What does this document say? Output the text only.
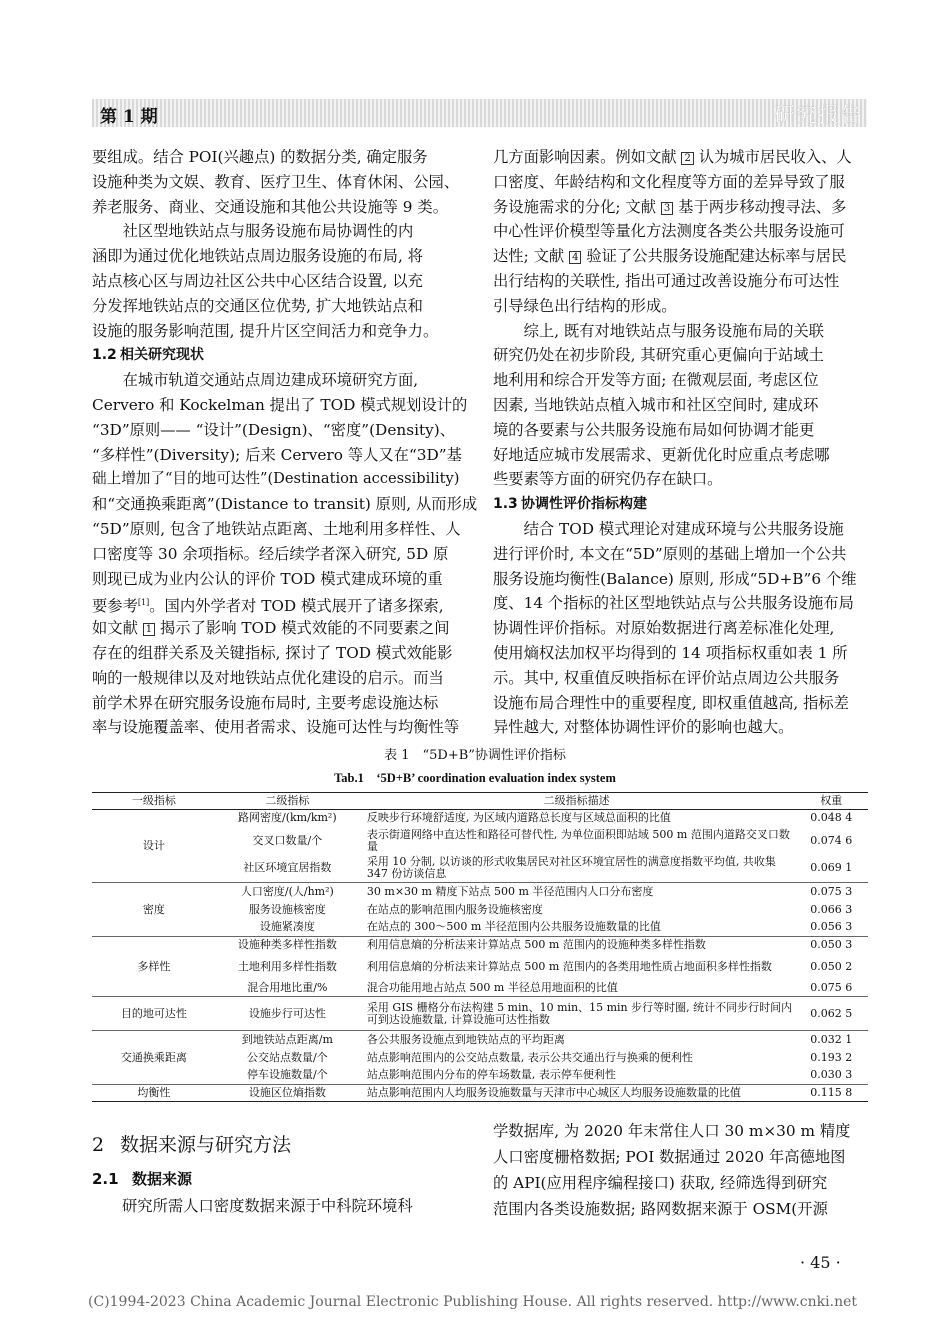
第 1 期	研究报告
要组成。结合 POI(兴趣点) 的数据分类, 确定服务
设施种类为文娱、教育、医疗卫生、体育休闲、公园、
养老服务、商业、交通设施和其他公共设施等 9 类。
　　社区型地铁站点与服务设施布局协调性的内
涵即为通过优化地铁站点周边服务设施的布局, 将
站点核心区与周边社区公共中心区结合设置, 以充
分发挥地铁站点的交通区位优势, 扩大地铁站点和
设施的服务影响范围, 提升片区空间活力和竞争力。
1.2 相关研究现状
　　在城市轨道交通站点周边建成环境研究方面,
Cervero 和 Kockelman 提出了 TOD 模式规划设计的
“3D”原则—— “设计”(Design)、“密度”(Density)、
“多样性”(Diversity); 后来 Cervero 等人又在“3D”基
础上增加了“目的地可达性”(Destination accessibility)
和“交通换乘距离”(Distance to transit) 原则, 从而形成
“5D”原则, 包含了地铁站点距离、土地利用多样性、人
口密度等 30 余项指标。经后续学者深入研究, 5D 原
则现已成为业内公认的评价 TOD 模式建成环境的重
要参考[1]。国内外学者对 TOD 模式展开了诸多探索,
如文献 1 揭示了影响 TOD 模式效能的不同要素之间
存在的组群关系及关键指标, 探讨了 TOD 模式效能影
响的一般规律以及对地铁站点优化建设的启示。而当
前学术界在研究服务设施布局时, 主要考虑设施达标
率与设施覆盖率、使用者需求、设施可达性与均衡性等
几方面影响因素。例如文献 2 认为城市居民收入、人
口密度、年龄结构和文化程度等方面的差异导致了服
务设施需求的分化; 文献 3 基于两步移动搜寻法、多
中心性评价模型等量化方法测度各类公共服务设施可
达性; 文献 4 验证了公共服务设施配建达标率与居民
出行结构的关联性, 指出可通过改善设施分布可达性
引导绿色出行结构的形成。
　　综上, 既有对地铁站点与服务设施布局的关联
研究仍处在初步阶段, 其研究重心更偏向于站域土
地利用和综合开发等方面; 在微观层面, 考虑区位
因素, 当地铁站点植入城市和社区空间时, 建成环
境的各要素与公共服务设施布局如何协调才能更
好地适应城市发展需求、更新优化时应重点考虑哪
些要素等方面的研究仍存在缺口。
1.3 协调性评价指标构建
　　结合 TOD 模式理论对建成环境与公共服务设施
进行评价时, 本文在“5D”原则的基础上增加一个公共
服务设施均衡性(Balance) 原则, 形成“5D+B”6 个维
度、14 个指标的社区型地铁站点与公共服务设施布局
协调性评价指标。对原始数据进行离差标准化处理,
使用熵权法加权平均得到的 14 项指标权重如表 1 所
示。其中, 权重值反映指标在评价站点周边公共服务
设施布局合理性中的重要程度, 即权重值越高, 指标差
异性越大, 对整体协调性评价的影响也越大。
表 1　“5D+B”协调性评价指标
Tab.1　‘5D+B’ coordination evaluation index system
一级指标	二级指标	二级指标描述	权重
设计	路网密度/(km/km²)	反映步行环境舒适度, 为区域内道路总长度与区域总面积的比值	0.048 4
	交叉口数量/个	表示街道网络中直达性和路径可替代性, 为单位面积即站域 500 m 范围内道路交叉口数量	0.074 6
	社区环境宜居指数	采用 10 分制, 以访谈的形式收集居民对社区环境宜居性的满意度指数平均值, 共收集 347 份访谈信息	0.069 1
密度	人口密度/(人/hm²)	30 m×30 m 精度下站点 500 m 半径范围内人口分布密度	0.075 3
	服务设施核密度	在站点的影响范围内服务设施核密度	0.066 3
	设施紧凑度	在站点的 300～500 m 半径范围内公共服务设施数量的比值	0.056 3
多样性	设施种类多样性指数	利用信息熵的分析法来计算站点 500 m 范围内的设施种类多样性指数	0.050 3
	土地利用多样性指数	利用信息熵的分析法来计算站点 500 m 范围内的各类用地性质占地面积多样性指数	0.050 2
	混合用地比重/%	混合功能用地占站点 500 m 半径总用地面积的比值	0.075 6
目的地可达性	设施步行可达性	采用 GIS 栅格分布法构建 5 min、10 min、15 min 步行等时圈, 统计不同步行时间内可到达设施数量, 计算设施可达性指数	0.062 5
交通换乘距离	到地铁站点距离/m	各公共服务设施点到地铁站点的平均距离	0.032 1
	公交站点数量/个	站点影响范围内的公交站点数量, 表示公共交通出行与换乘的便利性	0.193 2
	停车设施数量/个	站点影响范围内分布的停车场数量, 表示停车便利性	0.030 3
均衡性	设施区位熵指数	站点影响范围内人均服务设施数量与天津市中心城区人均服务设施数量的比值	0.115 8
2 数据来源与研究方法
2.1 数据来源
研究所需人口密度数据来源于中科院环境科
学数据库, 为 2020 年末常住人口 30 m×30 m 精度
人口密度栅格数据; POI 数据通过 2020 年高德地图
的 API(应用程序编程接口) 获取, 经筛选得到研究
范围内各类设施数据; 路网数据来源于 OSM(开源
· 45 ·
(C)1994-2023 China Academic Journal Electronic Publishing House. All rights reserved. http://www.cnki.net
